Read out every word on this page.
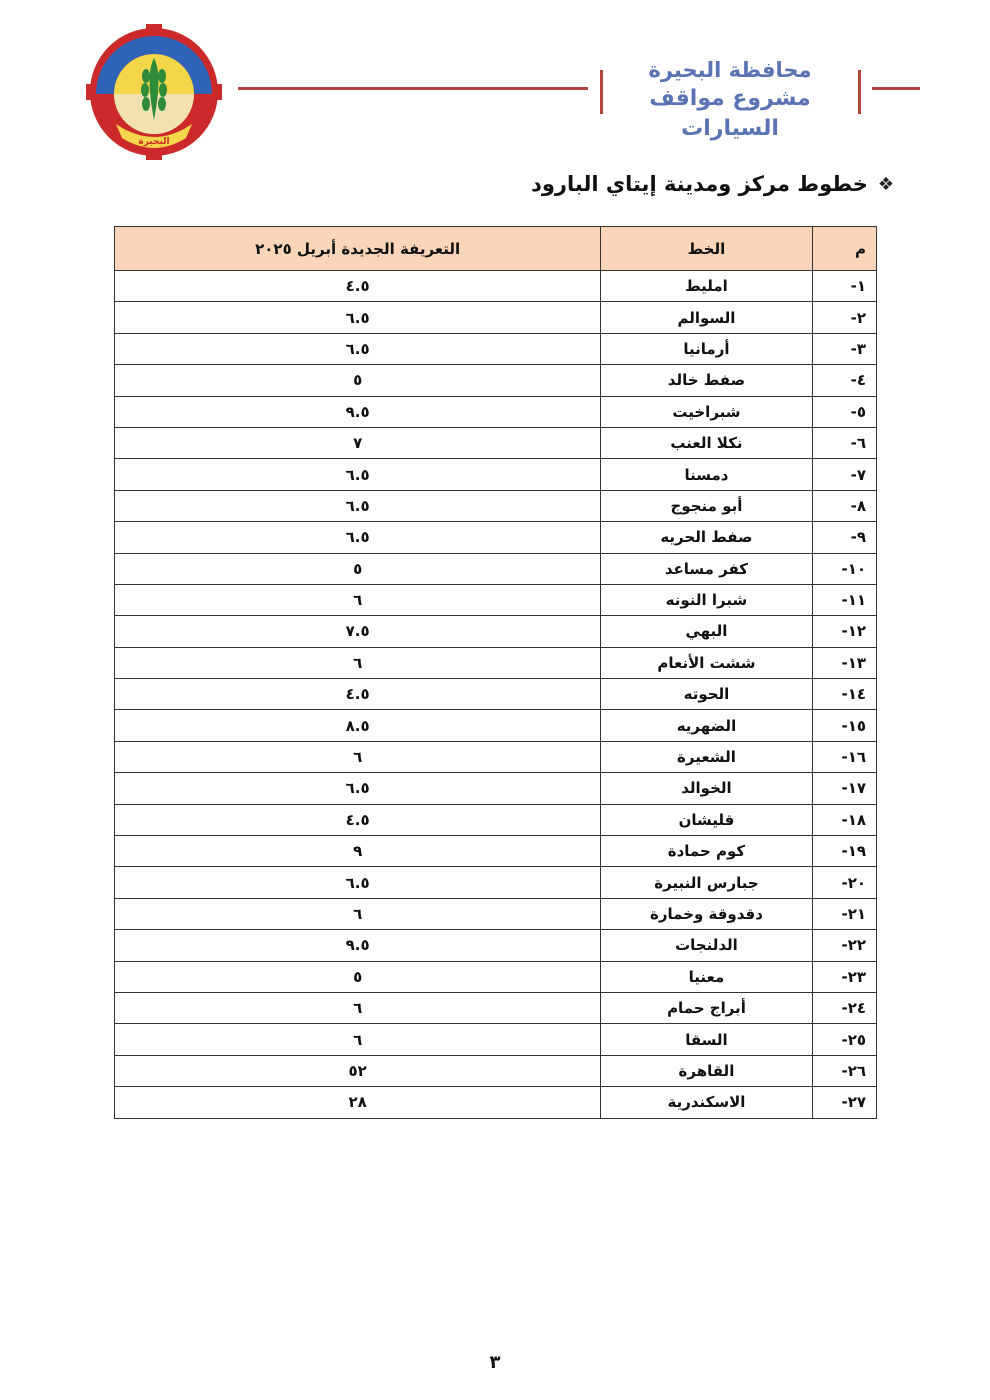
البحيرة
محافظة البحيرة
مشروع مواقف السيارات
❖
خطوط مركز ومدينة إيتاي البارود
م	الخط	التعريفة الجديدة أبريل ٢٠٢٥
١-	امليط	٤.٥
٢-	السوالم	٦.٥
٣-	أرمانيا	٦.٥
٤-	صفط خالد	٥
٥-	شبراخيت	٩.٥
٦-	نكلا العنب	٧
٧-	دمسنا	٦.٥
٨-	أبو منجوج	٦.٥
٩-	صفط الحريه	٦.٥
١٠-	كفر مساعد	٥
١١-	شبرا النونه	٦
١٢-	البهي	٧.٥
١٣-	ششت الأنعام	٦
١٤-	الحوته	٤.٥
١٥-	الضهريه	٨.٥
١٦-	الشعيرة	٦
١٧-	الخوالد	٦.٥
١٨-	قليشان	٤.٥
١٩-	كوم حمادة	٩
٢٠-	جبارس النبيرة	٦.٥
٢١-	دقدوقة وخمارة	٦
٢٢-	الدلنجات	٩.٥
٢٣-	معنيا	٥
٢٤-	أبراج حمام	٦
٢٥-	السقا	٦
٢٦-	القاهرة	٥٢
٢٧-	الاسكندرية	٢٨
٣
